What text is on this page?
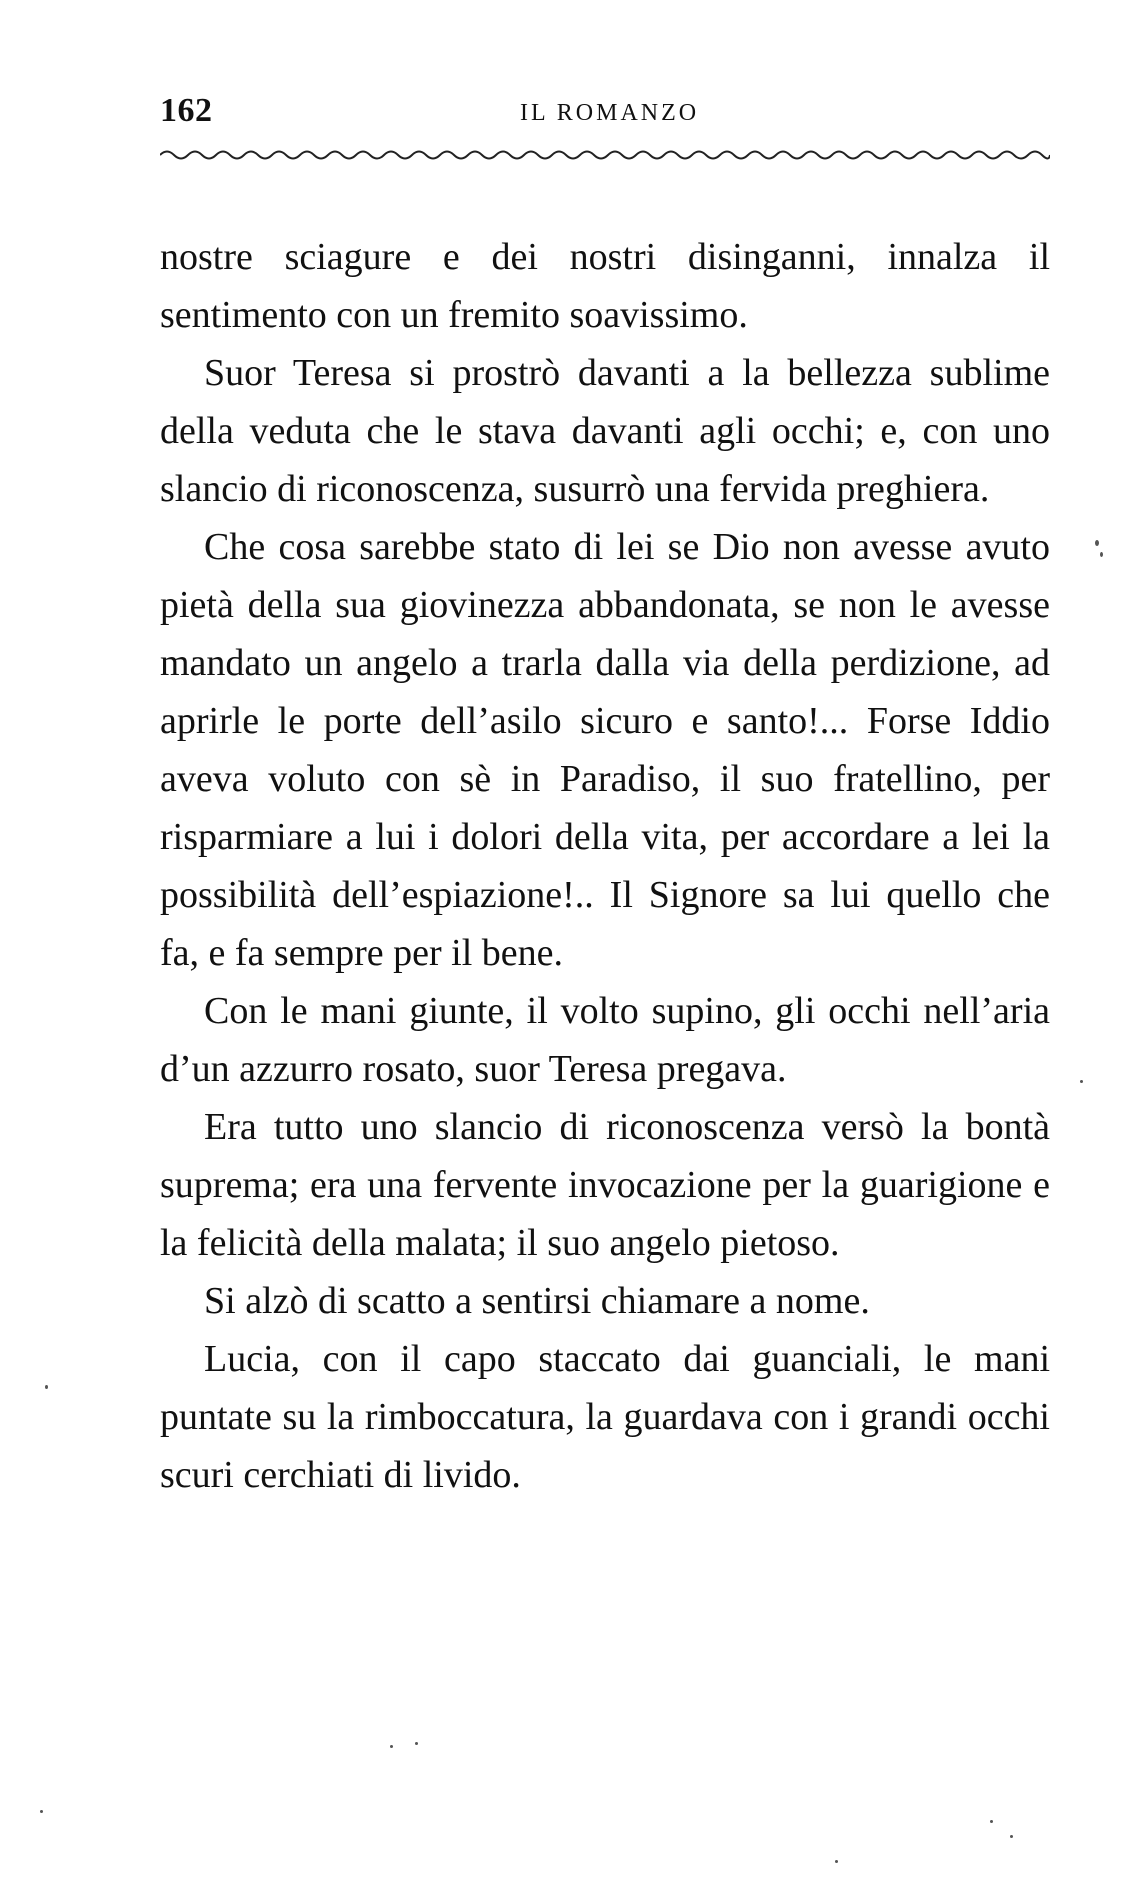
162	IL ROMANZO

nostre sciagure e dei nostri disinganni, innalza il sentimento con un fremito soavissimo.

Suor Teresa si prostrò davanti a la bellezza sublime della veduta che le stava davanti agli occhi; e, con uno slancio di riconoscenza, susurrò una fervida preghiera.

Che cosa sarebbe stato di lei se Dio non avesse avuto pietà della sua giovinezza abbandonata, se non le avesse mandato un angelo a trarla dalla via della perdizione, ad aprirle le porte dell’asilo sicuro e santo!... Forse Iddio aveva voluto con sè in Paradiso, il suo fratellino, per risparmiare a lui i dolori della vita, per accordare a lei la possibilità dell’espiazione!.. Il Signore sa lui quello che fa, e fa sempre per il bene.

Con le mani giunte, il volto supino, gli occhi nell’aria d’un azzurro rosato, suor Teresa pregava.

Era tutto uno slancio di riconoscenza versò la bontà suprema; era una fervente invocazione per la guarigione e la felicità della malata; il suo angelo pietoso.

Si alzò di scatto a sentirsi chiamare a nome.

Lucia, con il capo staccato dai guanciali, le mani puntate su la rimboccatura, la guardava con i grandi occhi scuri cerchiati di livido.
